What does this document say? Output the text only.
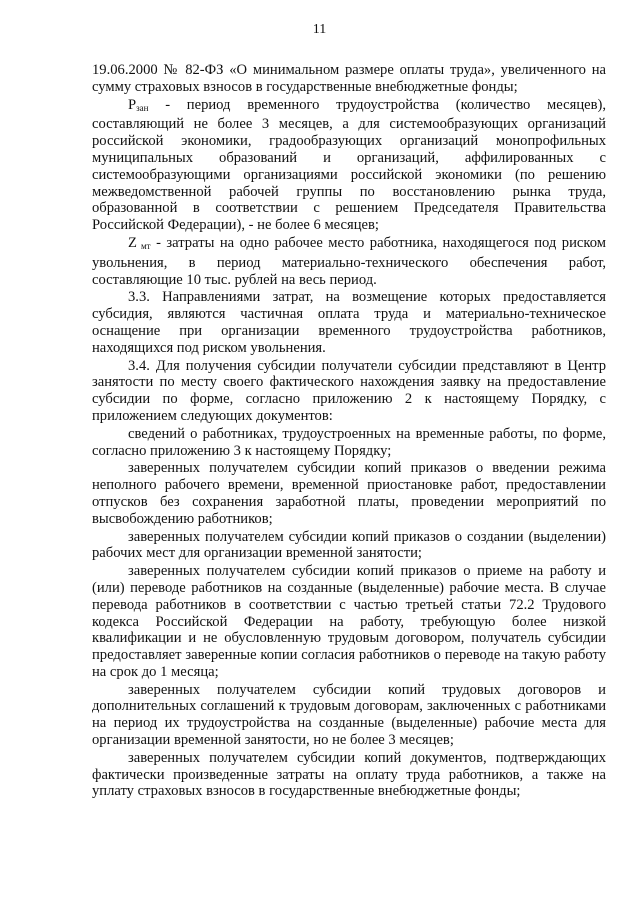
11

19.06.2000 № 82-ФЗ «О минимальном размере оплаты труда», увеличенного на сумму страховых взносов в государственные внебюджетные фонды;

$P_{зан}$ - период временного трудоустройства (количество месяцев), составляющий не более 3 месяцев, а для системообразующих организаций российской экономики, градообразующих организаций монопрофильных муниципальных образований и организаций, аффилированных с системообразующими организациями российской экономики (по решению межведомственной рабочей группы по восстановлению рынка труда, образованной в соответствии с решением Председателя Правительства Российской Федерации), - не более 6 месяцев;

Z $_{мт}$ - затраты на одно рабочее место работника, находящегося под риском увольнения, в период материально-технического обеспечения работ, составляющие 10 тыс. рублей на весь период.

3.3. Направлениями затрат, на возмещение которых предоставляется субсидия, являются частичная оплата труда и материально-техническое оснащение при организации временного трудоустройства работников, находящихся под риском увольнения.

3.4. Для получения субсидии получатели субсидии представляют в Центр занятости по месту своего фактического нахождения заявку на предоставление субсидии по форме, согласно приложению 2 к настоящему Порядку, с приложением следующих документов:

сведений о работниках, трудоустроенных на временные работы, по форме, согласно приложению 3 к настоящему Порядку;

заверенных получателем субсидии копий приказов о введении режима неполного рабочего времени, временной приостановке работ, предоставлении отпусков без сохранения заработной платы, проведении мероприятий по высвобождению работников;

заверенных получателем субсидии копий приказов о создании (выделении) рабочих мест для организации временной занятости;

заверенных получателем субсидии копий приказов о приеме на работу и (или) переводе работников на созданные (выделенные) рабочие места. В случае перевода работников в соответствии с частью третьей статьи 72.2 Трудового кодекса Российской Федерации на работу, требующую более низкой квалификации и не обусловленную трудовым договором, получатель субсидии предоставляет заверенные копии согласия работников о переводе на такую работу на срок до 1 месяца;

заверенных получателем субсидии копий трудовых договоров и дополнительных соглашений к трудовым договорам, заключенных с работниками на период их трудоустройства на созданные (выделенные) рабочие места для организации временной занятости, но не более 3 месяцев;

заверенных получателем субсидии копий документов, подтверждающих фактически произведенные затраты на оплату труда работников, а также на уплату страховых взносов в государственные внебюджетные фонды;
